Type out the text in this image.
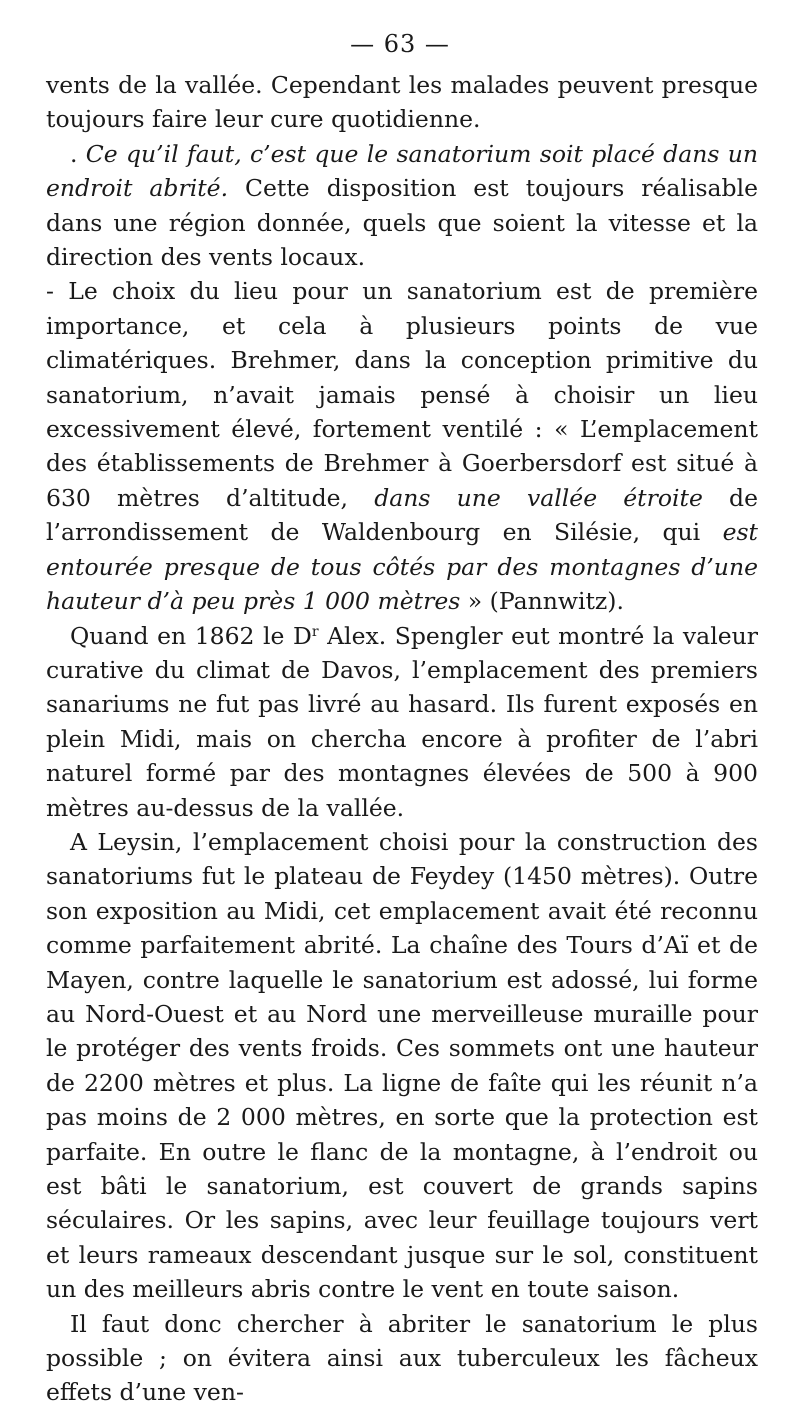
— 63 —

vents de la vallée. Cependant les malades peuvent presque toujours faire leur cure quotidienne.

. Ce qu’il faut, c’est que le sanatorium soit placé dans un endroit abrité. Cette disposition est toujours réalisable dans une région donnée, quels que soient la vitesse et la direction des vents locaux.

- Le choix du lieu pour un sanatorium est de première importance, et cela à plusieurs points de vue climatériques. Brehmer, dans la conception primitive du sanatorium, n’avait jamais pensé à choisir un lieu excessivement élevé, fortement ventilé : « L’emplacement des établissements de Brehmer à Goerbersdorf est situé à 630 mètres d’altitude, dans une vallée étroite de l’arrondissement de Waldenbourg en Silésie, qui est entourée presque de tous côtés par des montagnes d’une hauteur d’à peu près 1 000 mètres » (Pannwitz).

Quand en 1862 le $D^r$ Alex. Spengler eut montré la valeur curative du climat de Davos, l’emplacement des premiers sanariums ne fut pas livré au hasard. Ils furent exposés en plein Midi, mais on chercha encore à profiter de l’abri naturel formé par des montagnes élevées de 500 à 900 mètres au-dessus de la vallée.

A Leysin, l’emplacement choisi pour la construction des sanatoriums fut le plateau de Feydey (1450 mètres). Outre son exposition au Midi, cet emplacement avait été reconnu comme parfaitement abrité. La chaîne des Tours d’Aï et de Mayen, contre laquelle le sanatorium est adossé, lui forme au Nord-Ouest et au Nord une merveilleuse muraille pour le protéger des vents froids. Ces sommets ont une hauteur de 2200 mètres et plus. La ligne de faîte qui les réunit n’a pas moins de 2 000 mètres, en sorte que la protection est parfaite. En outre le flanc de la montagne, à l’endroit ou est bâti le sanatorium, est couvert de grands sapins séculaires. Or les sapins, avec leur feuillage toujours vert et leurs rameaux descendant jusque sur le sol, constituent un des meilleurs abris contre le vent en toute saison.

Il faut donc chercher à abriter le sanatorium le plus possible ; on évitera ainsi aux tuberculeux les fâcheux effets d’une ven-
